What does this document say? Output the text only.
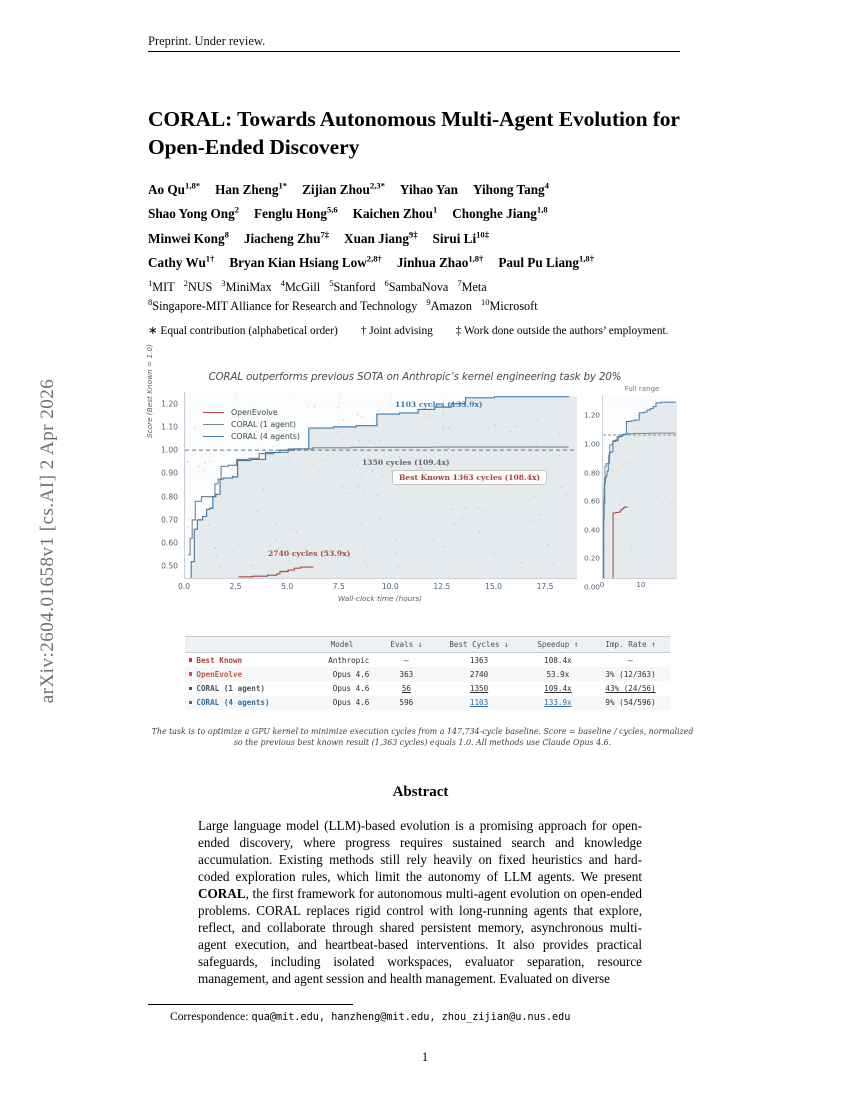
arXiv:2604.01658v1 [cs.AI] 2 Apr 2026
Preprint. Under review.
CORAL: Towards Autonomous Multi-Agent Evolution for Open-Ended Discovery
Ao $Qu^{1,8*}$ Han Zheng$^{1*}$ Zijian Zhou$^{2,3*}$ Yihao Yan Yihong Tang$^4$
Shao Yong Ong$^2$ Fenglu Hong$^{5,6}$ Kaichen Zhou$^1$ Chonghe Jiang$^{1,8}$
Minwei Kong$^8$ Jiacheng Zhu$^{7\ddagger}$ Xuan Jiang$^{9\ddagger}$ Sirui $Li^{10\ddagger}$
Cathy $Wu^{1\dagger}$ Bryan Kian Hsiang Low$^{2,8\dagger}$ Jinhua Zhao$^{1,8\dagger}$ Paul Pu Liang$^{1,8\dagger}$
$^1$MIT $^2$NUS $^3$MiniMax $^4$McGill $^5$Stanford $^6$SambaNova $^7$Meta
$^8$Singapore-MIT Alliance for Research and Technology $^9$Amazon $^{10}$Microsoft
∗ Equal contribution (alphabetical order) † Joint advising ‡ Work done outside the authors’ employment.
CORAL outperforms previous SOTA on Anthropic’s kernel engineering task by 20%
Score (Best Known = 1.0)
0.50
0.60
0.70
0.80
0.90
1.00
1.10
1.20
OpenEvolve
CORAL (1 agent)
CORAL (4 agents)
1103 cycles (133.9x)
1350 cycles (109.4x)
Best Known 1363 cycles (108.4x)
2740 cycles (53.9x)
0.0	2.5	5.0	7.5	10.0	12.5	15.0	17.5
Wall-clock time (hours)
Full range
0.00
0.20
0.40
0.60
0.80
1.00
1.20
0	10
	Model	Evals ↓	Best Cycles ↓	Speedup ↑	Imp. Rate ↑
Best Known	Anthropic	–	1363	108.4x	–
OpenEvolve	Opus 4.6	363	2740	53.9x	3% (12/363)
CORAL (1 agent)	Opus 4.6	56	1350	109.4x	43% (24/56)
CORAL (4 agents)	Opus 4.6	596	1103	133.9x	9% (54/596)
The task is to optimize a GPU kernel to minimize execution cycles from a 147,734-cycle baseline. Score = baseline / cycles, normalized so the previous best known result (1,363 cycles) equals 1.0. All methods use Claude Opus 4.6.
Abstract
Large language model (LLM)-based evolution is a promising approach for open-ended discovery, where progress requires sustained search and knowledge accumulation. Existing methods still rely heavily on fixed heuristics and hard-coded exploration rules, which limit the autonomy of LLM agents. We present CORAL, the first framework for autonomous multi-agent evolution on open-ended problems. CORAL replaces rigid control with long-running agents that explore, reflect, and collaborate through shared persistent memory, asynchronous multi-agent execution, and heartbeat-based interventions. It also provides practical safeguards, including isolated workspaces, evaluator separation, resource management, and agent session and health management. Evaluated on diverse
Correspondence: qua@mit.edu, hanzheng@mit.edu, zhou_zijian@u.nus.edu
1
